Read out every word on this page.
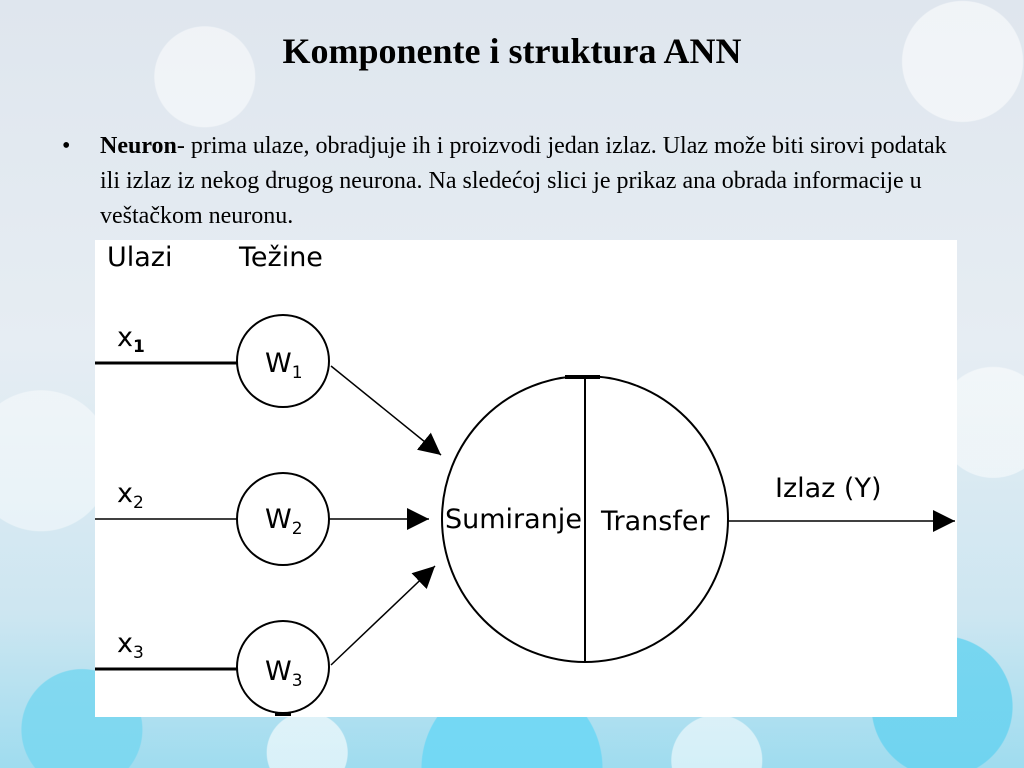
Komponente i struktura ANN
• Neuron- prima ulaze, obradjuje ih i proizvodi jedan izlaz. Ulaz može biti sirovi podatak ili izlaz iz nekog drugog neurona. Na sledećoj slici je prikaz ana obrada informacije u veštačkom neuronu.
Ulazi Težine
$x_1$
$W_1$
$x_2$
$W_2$
$x_3$
$W_3$
Sumiranje Transfer
Izlaz (Y)
